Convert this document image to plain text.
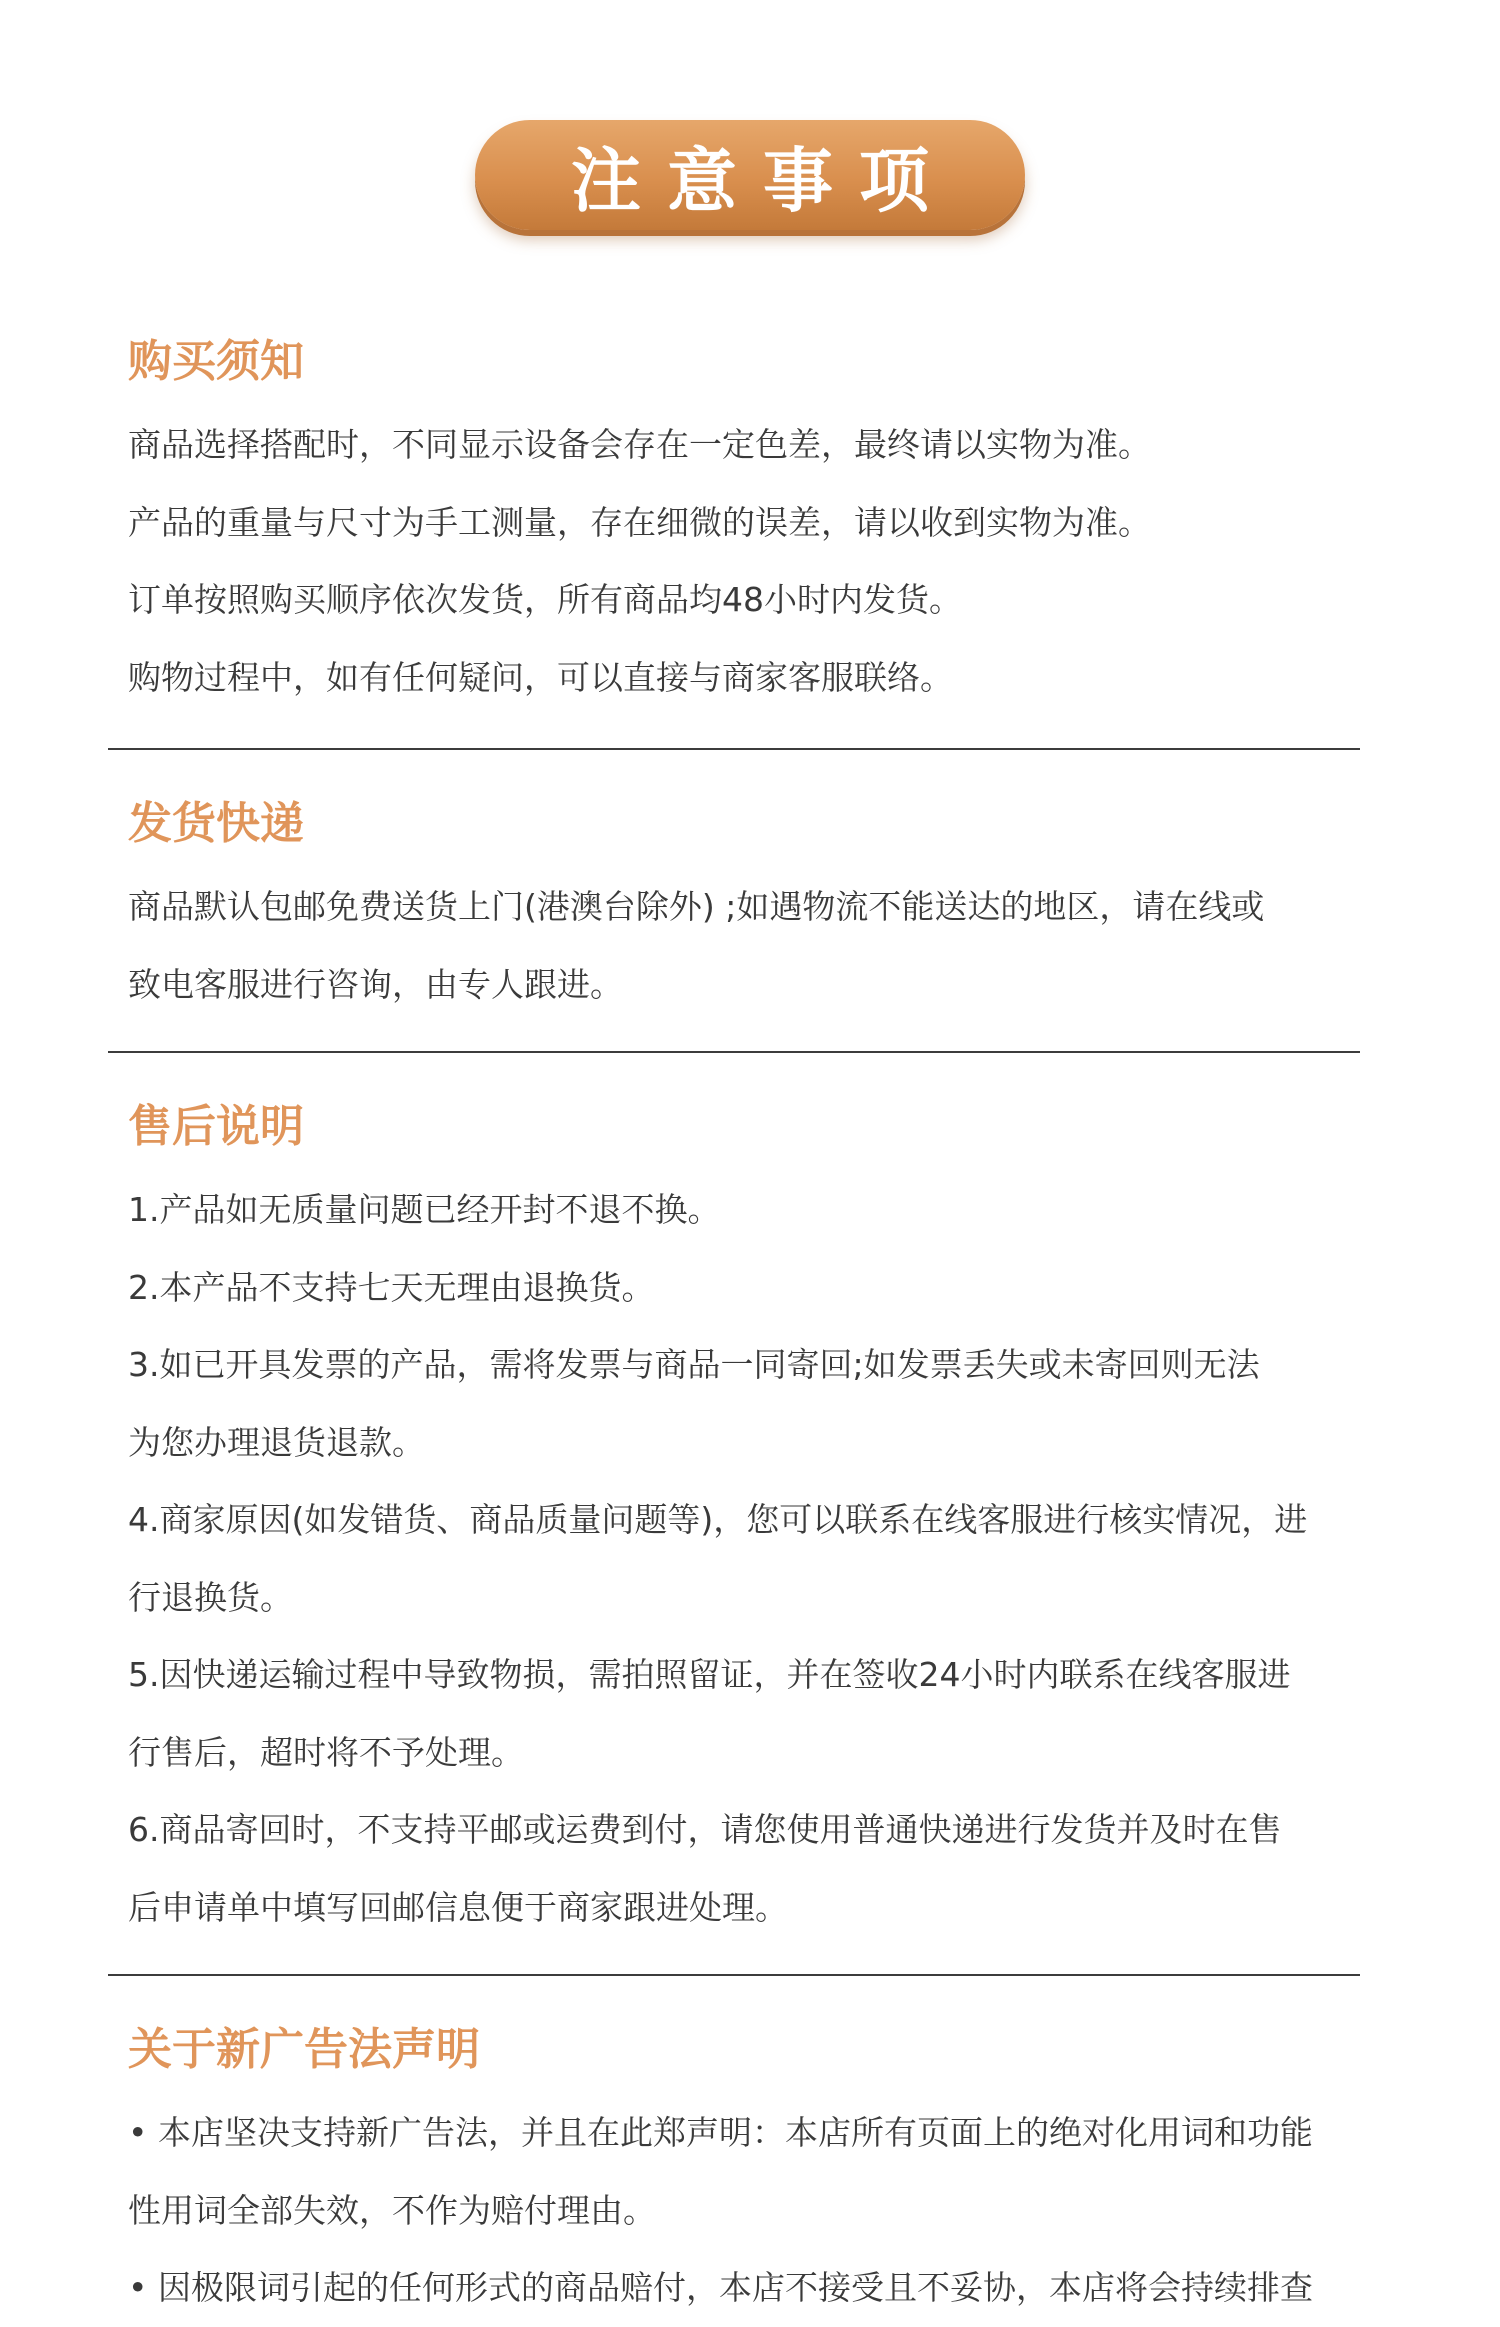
注意事项
购买须知

商品选择搭配时，不同显示设备会存在一定色差，最终请以实物为准。

产品的重量与尺寸为手工测量，存在细微的误差，请以收到实物为准。

订单按照购买顺序依次发货，所有商品均48小时内发货。

购物过程中，如有任何疑问，可以直接与商家客服联络。

发货快递

商品默认包邮免费送货上门(港澳台除外) ;如遇物流不能送达的地区，请在线或

致电客服进行咨询，由专人跟进。

售后说明

1.产品如无质量问题已经开封不退不换。

2.本产品不支持七天无理由退换货。

3.如已开具发票的产品，需将发票与商品一同寄回;如发票丢失或未寄回则无法

为您办理退货退款。

4.商家原因(如发错货、商品质量问题等)，您可以联系在线客服进行核实情况，进

行退换货。

5.因快递运输过程中导致物损，需拍照留证，并在签收24小时内联系在线客服进

行售后，超时将不予处理。

6.商品寄回时，不支持平邮或运费到付，请您使用普通快递进行发货并及时在售

后申请单中填写回邮信息便于商家跟进处理。

关于新广告法声明

• 本店坚决支持新广告法，并且在此郑声明：本店所有页面上的绝对化用词和功能

性用词全部失效，不作为赔付理由。

• 因极限词引起的任何形式的商品赔付，本店不接受且不妥协，本店将会持续排查
